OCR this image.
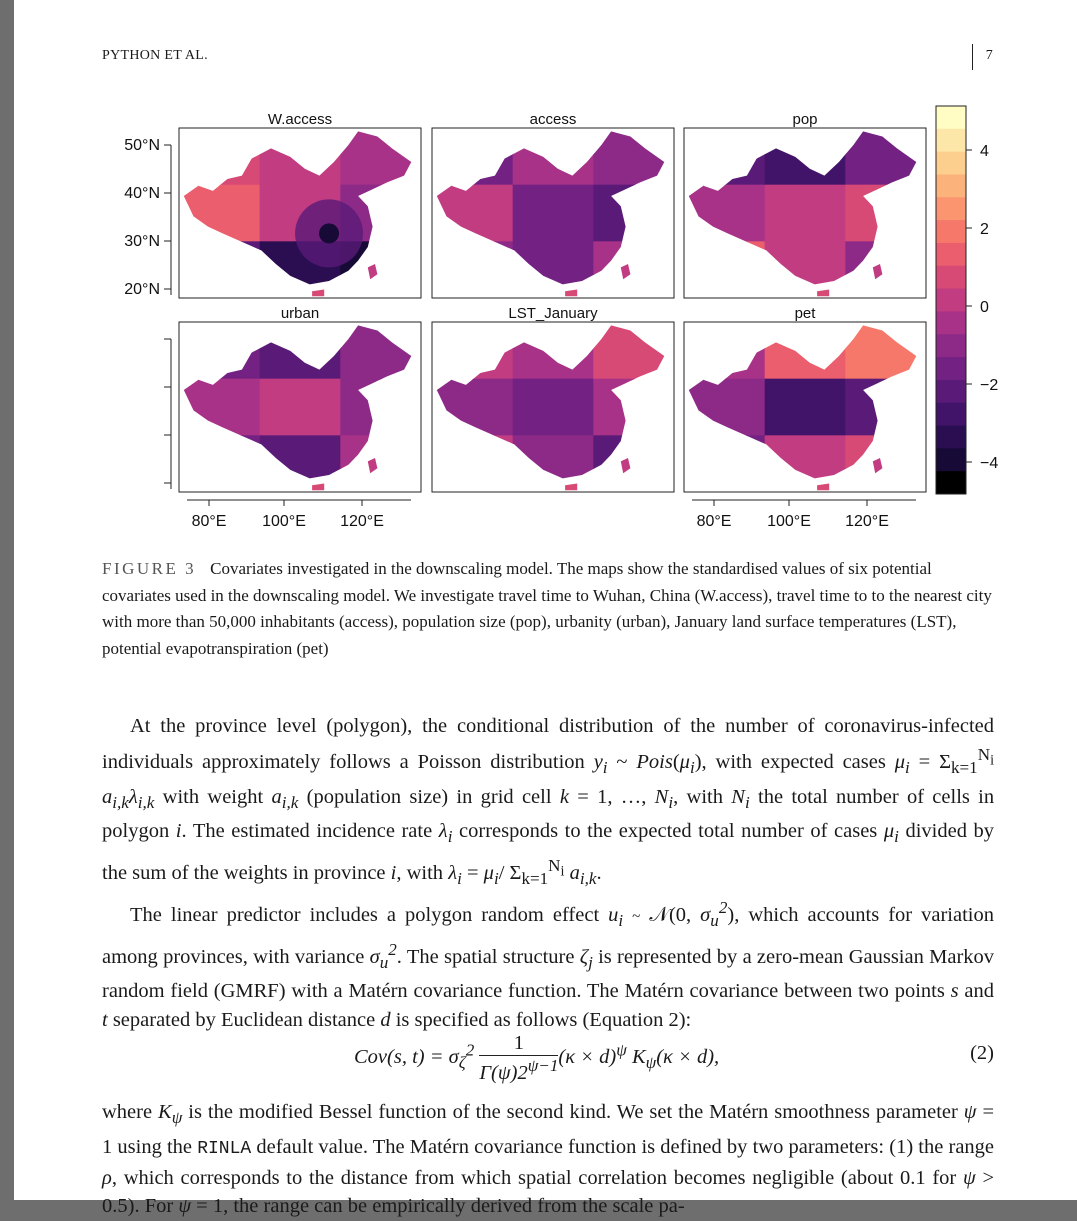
PYTHON ET AL.	7
W.access	access	pop
urban	LST_January	pet
50°N
40°N
30°N
20°N
80°E 100°E 120°E	80°E 100°E 120°E
4
2
0
−2
−4
FIGURE 3 Covariates investigated in the downscaling model. The maps show the standardised values of six potential covariates used in the downscaling model. We investigate travel time to Wuhan, China (W.access), travel time to to the nearest city with more than 50,000 inhabitants (access), population size (pop), urbanity (urban), January land surface temperatures (LST), potential evapotranspiration (pet)

At the province level (polygon), the conditional distribution of the number of coronavirus-infected individuals approximately follows a Poisson distribution $y_i$ ~ $Pois(\mu_i)$, with expected cases $\mu_i = \Sigma_{k=1}^{N_i}$ $a_{i,k}\lambda_{i,k}$ with weight $a_{i,k}$ (population size) in grid cell k = 1, …, $N_i$, with $N_i$ the total number of cells in polygon i. The estimated incidence rate $\lambda_i$ corresponds to the expected total number of cases $\mu_i$ divided by the sum of the weights in province i, with $\lambda_i = \mu_i/$ $\Sigma_{k=1}^{N_i}$ $a_{i,k}$.

The linear predictor includes a polygon random effect $u_i$ ~ 𝒩(0, $\sigma_u^2$), which accounts for variation among provinces, with variance $\sigma_u^2$. The spatial structure $\zeta_j$ is represented by a zero-mean Gaussian Markov random field (GMRF) with a Matérn covariance function. The Matérn covariance between two points s and t separated by Euclidean distance d is specified as follows (Equation 2):

Cov(s, $t) = \sigma_\zeta^2 \frac{1}{\Gamma(\psi)2^{\psi-1}} (\kappa \times d)^\psi$ $K_\psi(\kappa \times d)$,	(2)
where $K_\psi$ is the modified Bessel function of the second kind. We set the Matérn smoothness parameter ψ = 1 using the RINLA default value. The Matérn covariance function is defined by two parameters: (1) the range ρ, which corresponds to the distance from which spatial correlation becomes negligible (about 0.1 for ψ > 0.5). For ψ = 1, the range can be empirically derived from the scale pa-
